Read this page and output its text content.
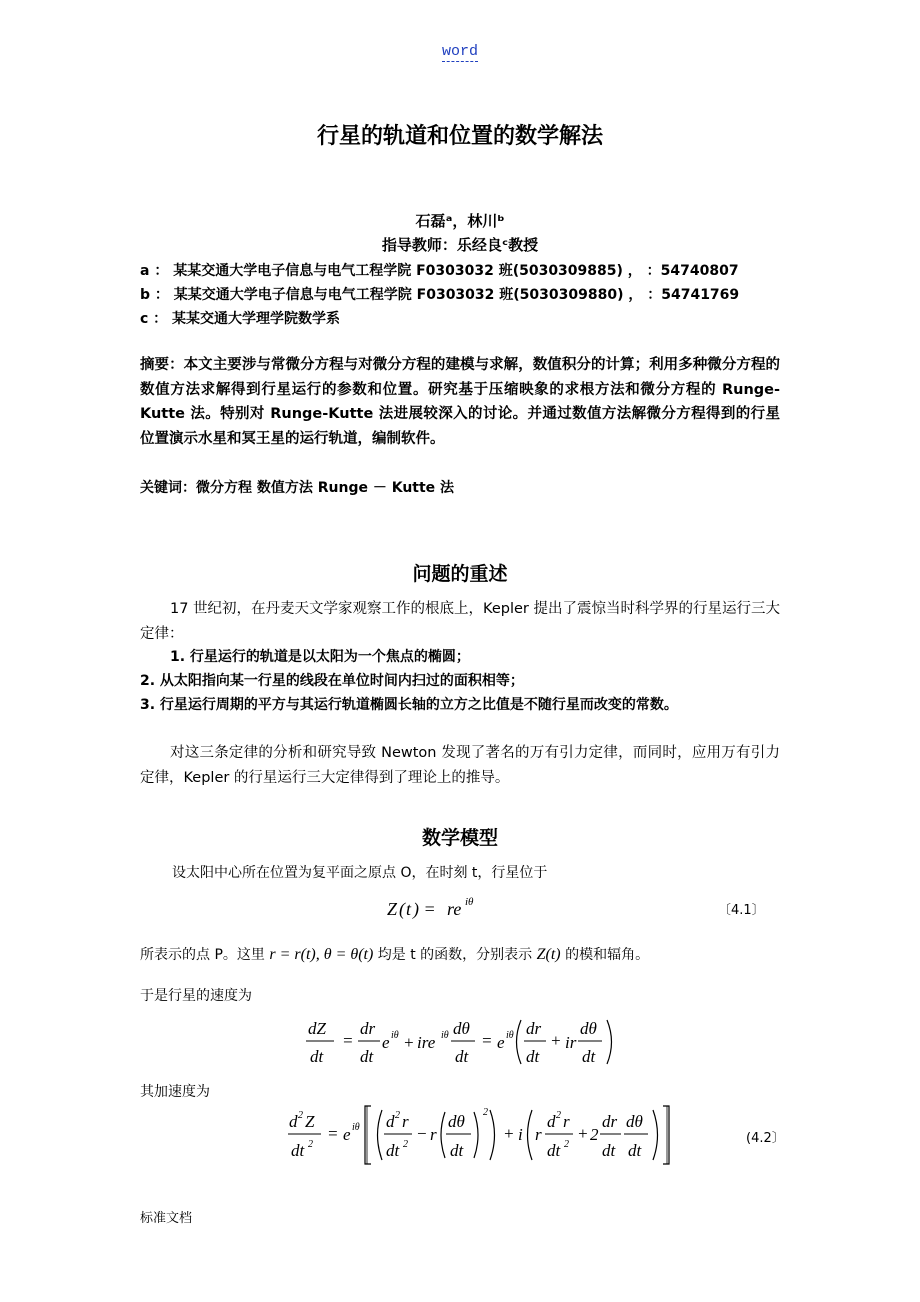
word
行星的轨道和位置的数学解法
石磊ᵃ，林川ᵇ
指导教师：乐经良ᶜ教授
a ： 某某交通大学电子信息与电气工程学院 F0303032 班(5030309885) ， ：54740807
b ： 某某交通大学电子信息与电气工程学院 F0303032 班(5030309880) ， ：54741769
c ： 某某交通大学理学院数学系
摘要：本文主要涉与常微分方程与对微分方程的建模与求解，数值积分的计算；利用多种微分方程的数值方法求解得到行星运行的参数和位置。研究基于压缩映象的求根方法和微分方程的 Runge-Kutte 法。特别对 Runge-Kutte 法进展较深入的讨论。并通过数值方法解微分方程得到的行星位置演示水星和冥王星的运行轨道，编制软件。
关键词：微分方程 数值方法 Runge － Kutte 法
问题的重述
17 世纪初，在丹麦天文学家观察工作的根底上，Kepler 提出了震惊当时科学界的行星运行三大定律：
1. 行星运行的轨道是以太阳为一个焦点的椭圆；
2. 从太阳指向某一行星的线段在单位时间内扫过的面积相等；
3. 行星运行周期的平方与其运行轨道椭圆长轴的立方之比值是不随行星而改变的常数。
对这三条定律的分析和研究导致 Newton 发现了著名的万有引力定律，而同时，应用万有引力定律，Kepler 的行星运行三大定律得到了理论上的推导。
数学模型
设太阳中心所在位置为复平面之原点 O，在时刻 t，行星位于
Z ( t ) = re iθ
〔4.1〕
所表示的点 P。这里 r = r(t), θ = θ(t) 均是 t 的函数，分别表示 Z(t) 的模和辐角。
于是行星的速度为
dZ
dt
=
dr
dt
e iθ + ire iθ dθ
dt
= e iθ dr
dt
+ ir
dθ
dt
其加速度为
d 2 Z
dt 2
= e iθ d 2 r
dt 2
− r
dθ
dt
2
+ i r
d 2 r
dt 2
+ 2
dr
dt
dθ
dt
(4.2〕
标准文档
